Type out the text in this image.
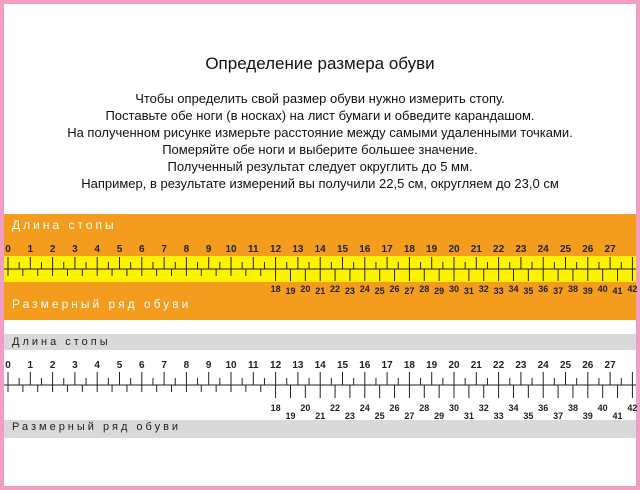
Определение размера обуви
Чтобы определить свой размер обуви нужно измерить стопу.
Поставьте обе ноги (в носках) на лист бумаги и обведите карандашом.
На полученном рисунке измерьте расстояние между самыми удаленными точками.
Померяйте обе ноги и выберите большее значение.
Полученный результат следует округлить до 5 мм.
Например, в результате измерений вы получили 22,5 см, округляем до 23,0 см
0 1 2 3 4 5 6 7 8 9 10 11 12 13 14 15 16 17 18 19 20 21 22 23 24 25 26 27
18 19 20 21 22 23 24 25 26 27 28 29 30 31 32 33 34 35 36 37 38 39 40 41 42
Длина стопы
Размерный ряд обуви
0 1 2 3 4 5 6 7 8 9 10 11 12 13 14 15 16 17 18 19 20 21 22 23 24 25 26 27
18
19
20
21
22
23
24
25
26
27
28
29
30
31
32
33
34
35
36
37
38
39
40
41
42
Длина стопы
Размерный ряд обуви
